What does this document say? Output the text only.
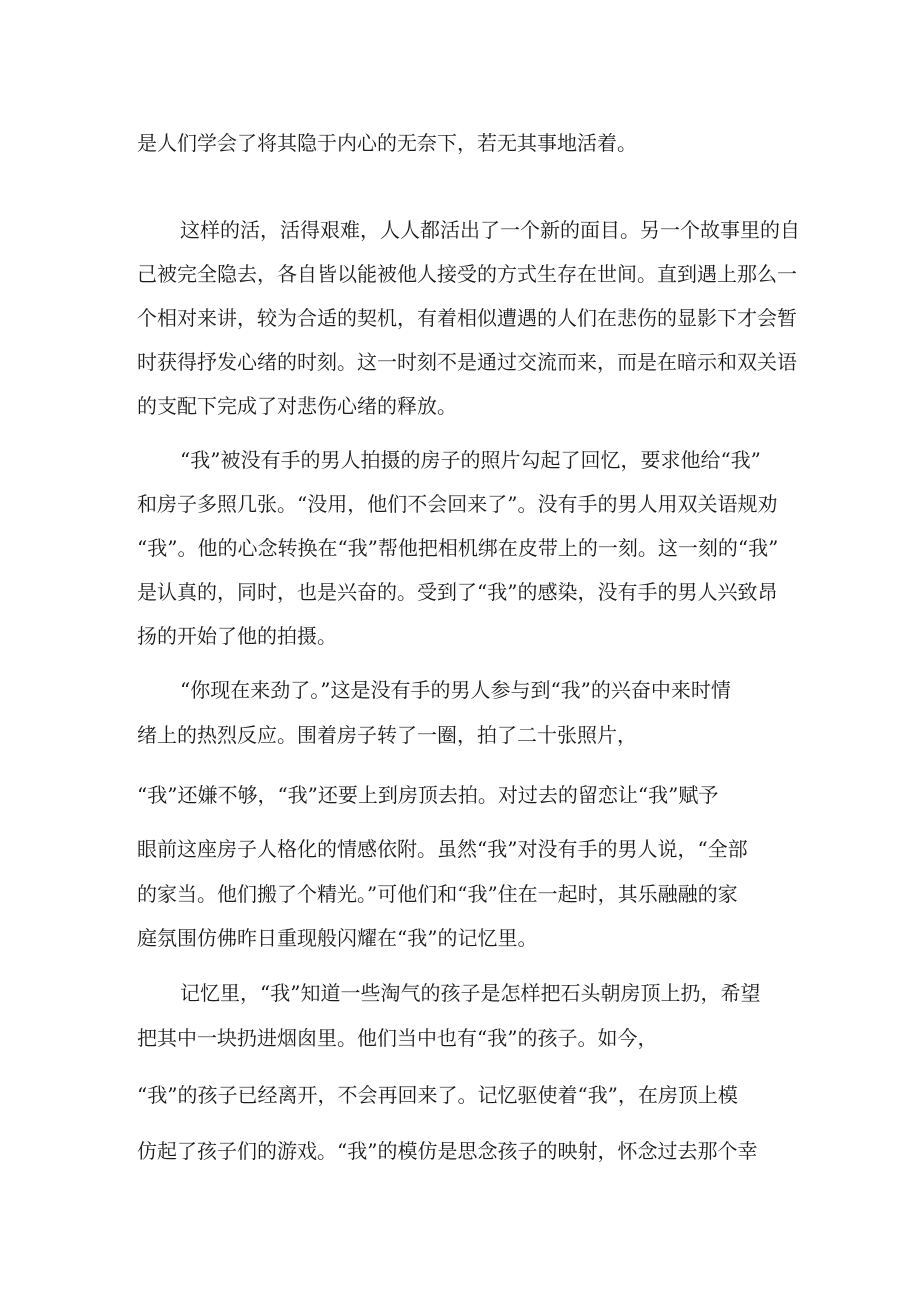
是人们学会了将其隐于内心的无奈下，若无其事地活着。
这样的活，活得艰难，人人都活出了一个新的面目。另一个故事里的自
己被完全隐去，各自皆以能被他人接受的方式生存在世间。直到遇上那么一
个相对来讲，较为合适的契机，有着相似遭遇的人们在悲伤的显影下才会暂
时获得抒发心绪的时刻。这一时刻不是通过交流而来，而是在暗示和双关语
的支配下完成了对悲伤心绪的释放。
“我”被没有手的男人拍摄的房子的照片勾起了回忆，要求他给“我”
和房子多照几张。“没用，他们不会回来了”。没有手的男人用双关语规劝
“我”。他的心念转换在“我”帮他把相机绑在皮带上的一刻。这一刻的“我”
是认真的，同时，也是兴奋的。受到了“我”的感染，没有手的男人兴致昂
扬的开始了他的拍摄。
“你现在来劲了。”这是没有手的男人参与到“我”的兴奋中来时情
绪上的热烈反应。围着房子转了一圈，拍了二十张照片，
“我”还嫌不够，“我”还要上到房顶去拍。对过去的留恋让“我”赋予
眼前这座房子人格化的情感依附。虽然“我”对没有手的男人说，“全部
的家当。他们搬了个精光。”可他们和“我”住在一起时，其乐融融的家
庭氛围仿佛昨日重现般闪耀在“我”的记忆里。
记忆里，“我”知道一些淘气的孩子是怎样把石头朝房顶上扔，希望
把其中一块扔进烟囱里。他们当中也有“我”的孩子。如今，
“我”的孩子已经离开，不会再回来了。记忆驱使着“我”，在房顶上模
仿起了孩子们的游戏。“我”的模仿是思念孩子的映射，怀念过去那个幸
